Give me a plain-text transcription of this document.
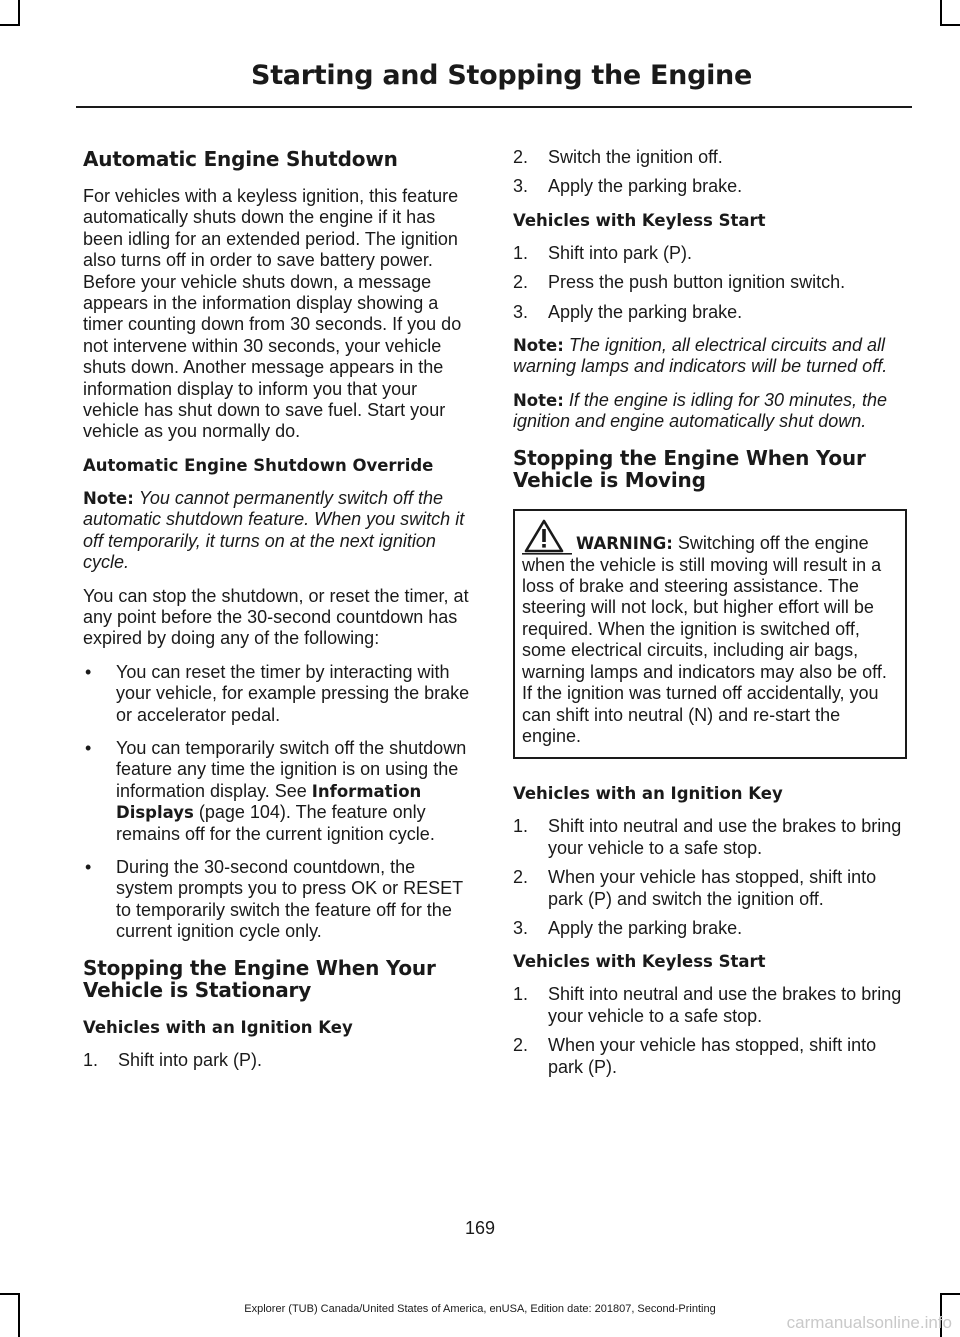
Starting and Stopping the Engine
Automatic Engine Shutdown

For vehicles with a keyless ignition, this feature automatically shuts down the engine if it has been idling for an extended period. The ignition also turns off in order to save battery power. Before your vehicle shuts down, a message appears in the information display showing a timer counting down from 30 seconds. If you do not intervene within 30 seconds, your vehicle shuts down. Another message appears in the information display to inform you that your vehicle has shut down to save fuel. Start your vehicle as you normally do.

Automatic Engine Shutdown Override

Note: You cannot permanently switch off the automatic shutdown feature. When you switch it off temporarily, it turns on at the next ignition cycle.

You can stop the shutdown, or reset the timer, at any point before the 30-second countdown has expired by doing any of the following:

• You can reset the timer by interacting with your vehicle, for example pressing the brake or accelerator pedal.
• You can temporarily switch off the shutdown feature any time the ignition is on using the information display. See Information Displays (page 104). The feature only remains off for the current ignition cycle.
• During the 30-second countdown, the system prompts you to press OK or RESET to temporarily switch the feature off for the current ignition cycle only.
Stopping the Engine When Your Vehicle is Stationary
Vehicles with an Ignition Key
1. Shift into park (P).
2. Switch the ignition off.
3. Apply the parking brake.
Vehicles with Keyless Start
1. Shift into park (P).
2. Press the push button ignition switch.
3. Apply the parking brake.

Note: The ignition, all electrical circuits and all warning lamps and indicators will be turned off.

Note: If the engine is idling for 30 minutes, the ignition and engine automatically shut down.

Stopping the Engine When Your Vehicle is Moving

WARNING: Switching off the engine when the vehicle is still moving will result in a loss of brake and steering assistance. The steering will not lock, but higher effort will be required. When the ignition is switched off, some electrical circuits, including air bags, warning lamps and indicators may also be off. If the ignition was turned off accidentally, you can shift into neutral (N) and re-start the engine.

Vehicles with an Ignition Key
1. Shift into neutral and use the brakes to bring your vehicle to a safe stop.
2. When your vehicle has stopped, shift into park (P) and switch the ignition off.
3. Apply the parking brake.
Vehicles with Keyless Start
1. Shift into neutral and use the brakes to bring your vehicle to a safe stop.
2. When your vehicle has stopped, shift into park (P).
169
Explorer (TUB) Canada/United States of America, enUSA, Edition date: 201807, Second-Printing
carmanualsonline.info
